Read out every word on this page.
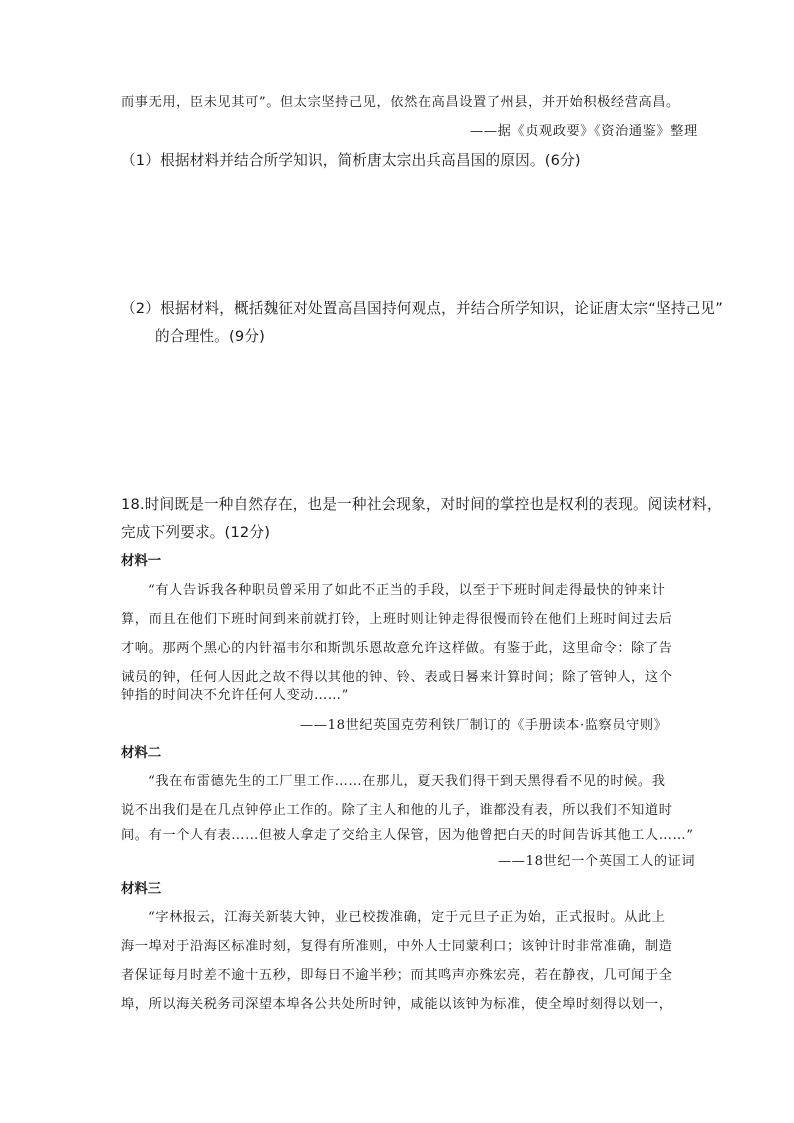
而事无用，臣未见其可”。但太宗坚持己见，依然在高昌设置了州县，并开始积极经营高昌。
——据《贞观政要》《资治通鉴》整理
（1）根据材料并结合所学知识，简析唐太宗出兵高昌国的原因。(6分)
（2）根据材料，概括魏征对处置高昌国持何观点，并结合所学知识，论证唐太宗“坚持己见”
的合理性。(9分)
18.时间既是一种自然存在，也是一种社会现象，对时间的掌控也是权利的表现。阅读材料，
完成下列要求。(12分)
材料一
“有人告诉我各种职员曾采用了如此不正当的手段，以至于下班时间走得最快的钟来计
算，而且在他们下班时间到来前就打铃，上班时则让钟走得很慢而铃在他们上班时间过去后
才响。那两个黑心的内针福韦尔和斯凯乐恩故意允许这样做。有鉴于此，这里命令：除了告
诫员的钟，任何人因此之故不得以其他的钟、铃、表或日晷来计算时间；除了管钟人，这个
钟指的时间决不允许任何人变动……”
——18世纪英国克劳利铁厂制订的《手册读本·监察员守则》
材料二
“我在布雷德先生的工厂里工作……在那儿，夏天我们得干到天黑得看不见的时候。我
说不出我们是在几点钟停止工作的。除了主人和他的儿子，谁都没有表，所以我们不知道时
间。有一个人有表……但被人拿走了交给主人保管，因为他曾把白天的时间告诉其他工人……”
——18世纪一个英国工人的证词
材料三
“字林报云，江海关新装大钟，业已校拨准确，定于元旦子正为始，正式报时。从此上
海一埠对于沿海区标准时刻，复得有所准则，中外人士同蒙利口；该钟计时非常准确，制造
者保证每月时差不逾十五秒，即每日不逾半秒；而其鸣声亦殊宏亮，若在静夜，几可闻于全
埠，所以海关税务司深望本埠各公共处所时钟，咸能以该钟为标准，使全埠时刻得以划一，
